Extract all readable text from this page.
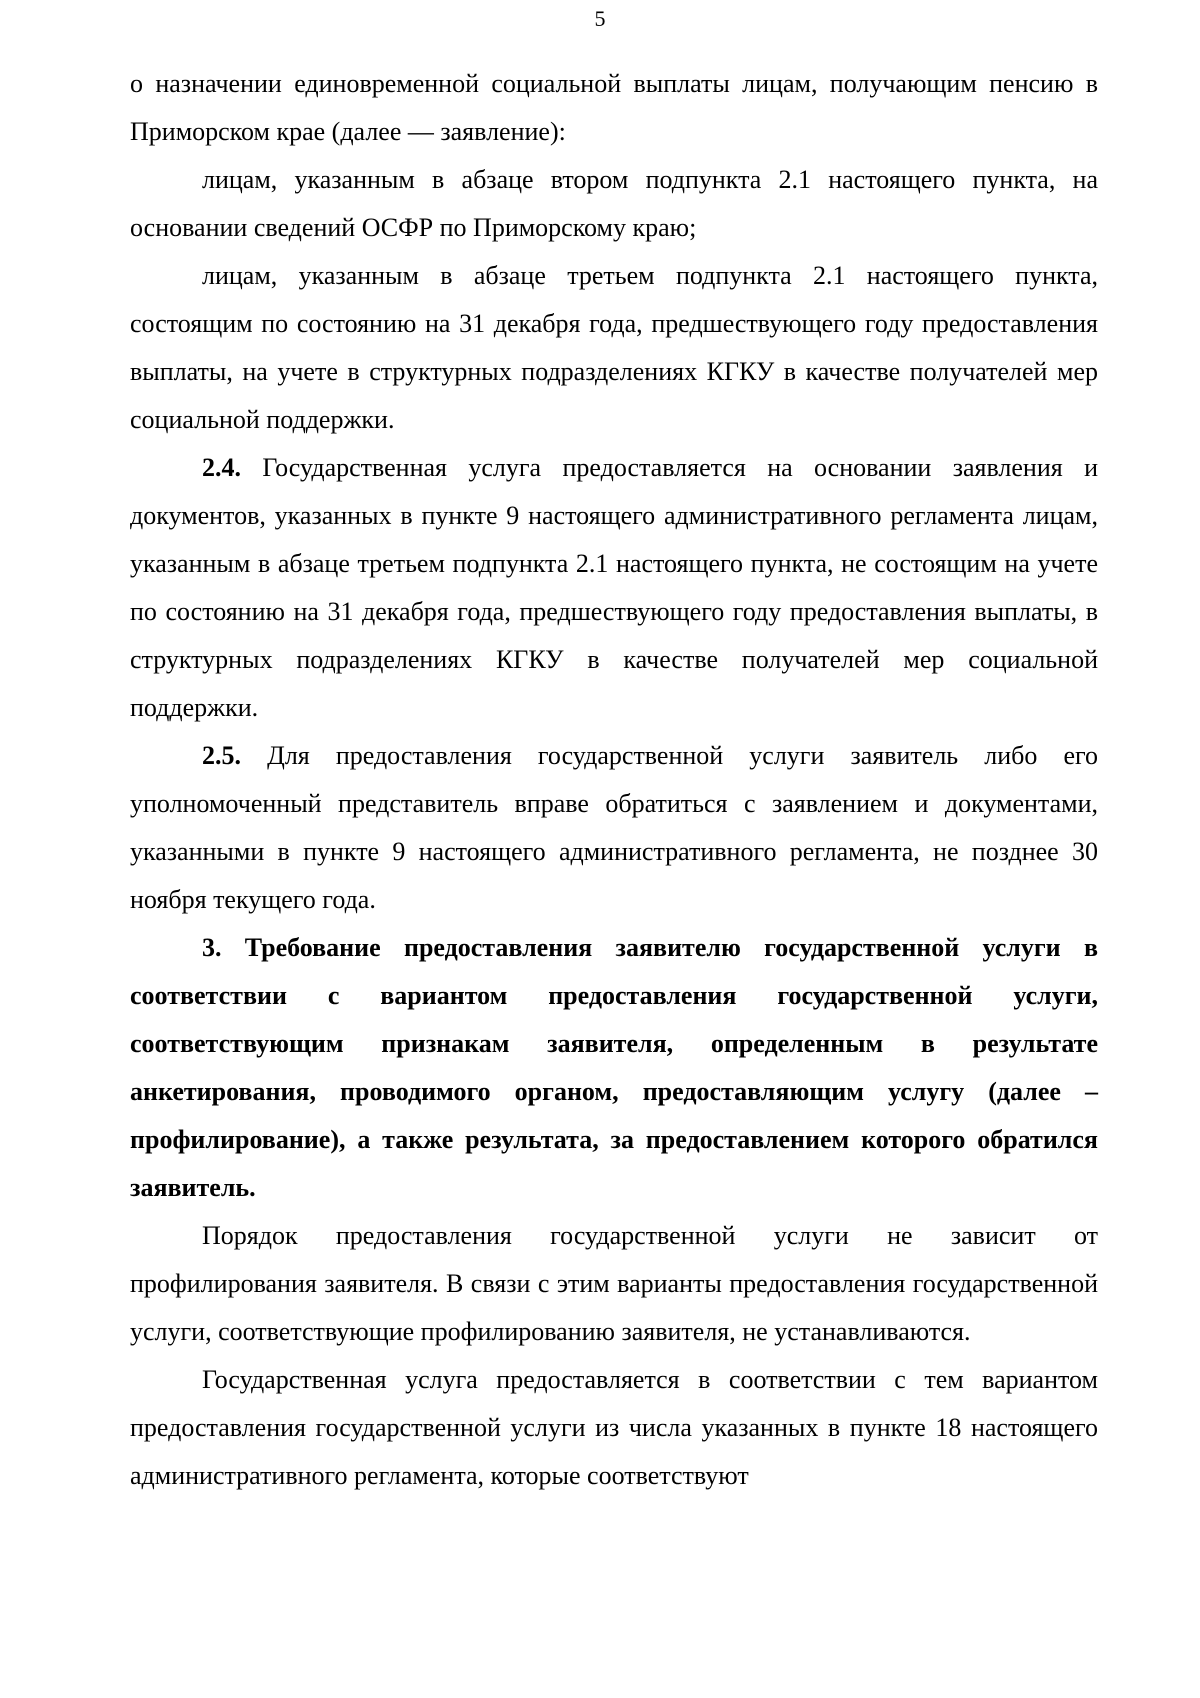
5

о назначении единовременной социальной выплаты лицам, получающим пенсию в Приморском крае (далее — заявление):

лицам, указанным в абзаце втором подпункта 2.1 настоящего пункта, на основании сведений ОСФР по Приморскому краю;

лицам, указанным в абзаце третьем подпункта 2.1 настоящего пункта, состоящим по состоянию на 31 декабря года, предшествующего году предоставления выплаты, на учете в структурных подразделениях КГКУ в качестве получателей мер социальной поддержки.

2.4. Государственная услуга предоставляется на основании заявления и документов, указанных в пункте 9 настоящего административного регламента лицам, указанным в абзаце третьем подпункта 2.1 настоящего пункта, не состоящим на учете по состоянию на 31 декабря года, предшествующего году предоставления выплаты, в структурных подразделениях КГКУ в качестве получателей мер социальной поддержки.

2.5. Для предоставления государственной услуги заявитель либо его уполномоченный представитель вправе обратиться с заявлением и документами, указанными в пункте 9 настоящего административного регламента, не позднее 30 ноября текущего года.

3. Требование предоставления заявителю государственной услуги в соответствии с вариантом предоставления государственной услуги, соответствующим признакам заявителя, определенным в результате анкетирования, проводимого органом, предоставляющим услугу (далее – профилирование), а также результата, за предоставлением которого обратился заявитель.

Порядок предоставления государственной услуги не зависит от профилирования заявителя. В связи с этим варианты предоставления государственной услуги, соответствующие профилированию заявителя, не устанавливаются.

Государственная услуга предоставляется в соответствии с тем вариантом предоставления государственной услуги из числа указанных в пункте 18 настоящего административного регламента, которые соответствуют
